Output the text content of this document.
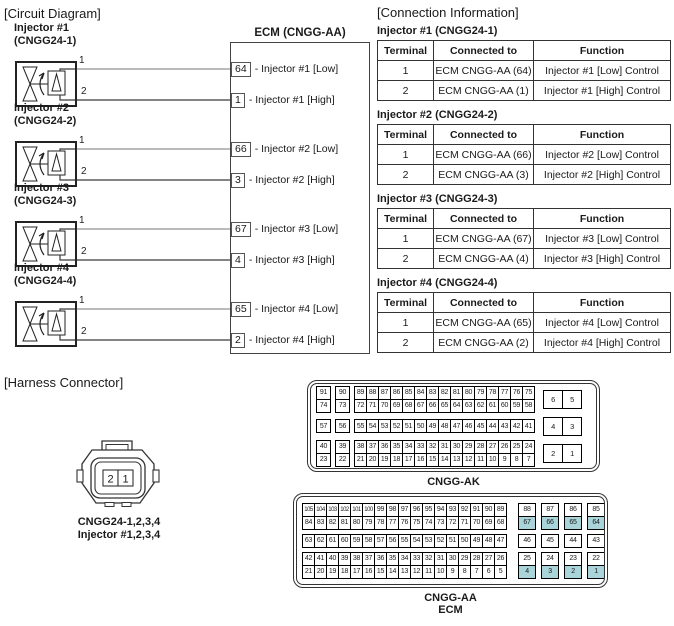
[Circuit Diagram]	[Connection Information]
[Harness Connector]
ECM (CNGG-AA)
Injector #1
(CNGG24-1)
1
2
64 - Injector #1 [Low]
1 - Injector #1 [High]
Injector #2
(CNGG24-2)
1
2
66 - Injector #2 [Low]
3 - Injector #2 [High]
Injector #3
(CNGG24-3)
1
2
67 - Injector #3 [Low]
4 - Injector #3 [High]
Injector #4
(CNGG24-4)
1
2
65 - Injector #4 [Low]
2 - Injector #4 [High]
Injector #1 (CNGG24-1)
Terminal	Connected to	Function
1	ECM CNGG-AA (64)	Injector #1 [Low] Control
2	ECM CNGG-AA (1)	Injector #1 [High] Control
Injector #2 (CNGG24-2)
Terminal	Connected to	Function
1	ECM CNGG-AA (66)	Injector #2 [Low] Control
2	ECM CNGG-AA (3)	Injector #2 [High] Control
Injector #3 (CNGG24-3)
Terminal	Connected to	Function
1	ECM CNGG-AA (67)	Injector #3 [Low] Control
2	ECM CNGG-AA (4)	Injector #3 [High] Control
Injector #4 (CNGG24-4)
Terminal	Connected to	Function
1	ECM CNGG-AA (65)	Injector #4 [Low] Control
2	ECM CNGG-AA (2)	Injector #4 [High] Control
2 1
CNGG24-1,2,3,4
Injector #1,2,3,4
91	90	89 88 87 86 85 84 83 82 81 80 79 78 77 76 75
74	73	72 71 70 69 68 67 66 65 64 63 62 61 60 59 58
6	5
57	56	55 54 53 52 51 50 49 48 47 46 45 44 43 42 41	4	3
40	39	38 37 36 35 34 33 32 31 30 29 28 27 26 25 24
23	22	21 20 19 18 17 16 15 14 13 12 11 10 9	8	7
2	1
CNGG-AK
105 104 103 102 101 100 99 98 97 96 95 94 93 92 91 90 89	88	87	86	85
84 83 82 81 80 79 78 77 76 75 74 73 72 71 70 69 68	67	66	65	64
63 62 61 60 59 58 57 56 55 54 53 52 51 50 49 48 47	46	45	44	43
42 41 40 39 38 37 36 35 34 33 32 31 30 29 28 27 26	25	24	23	22
21 20 19 18 17 16 15 14 13 12 11 10 9	8	7	6	5	4	3	2	1
CNGG-AA
ECM
